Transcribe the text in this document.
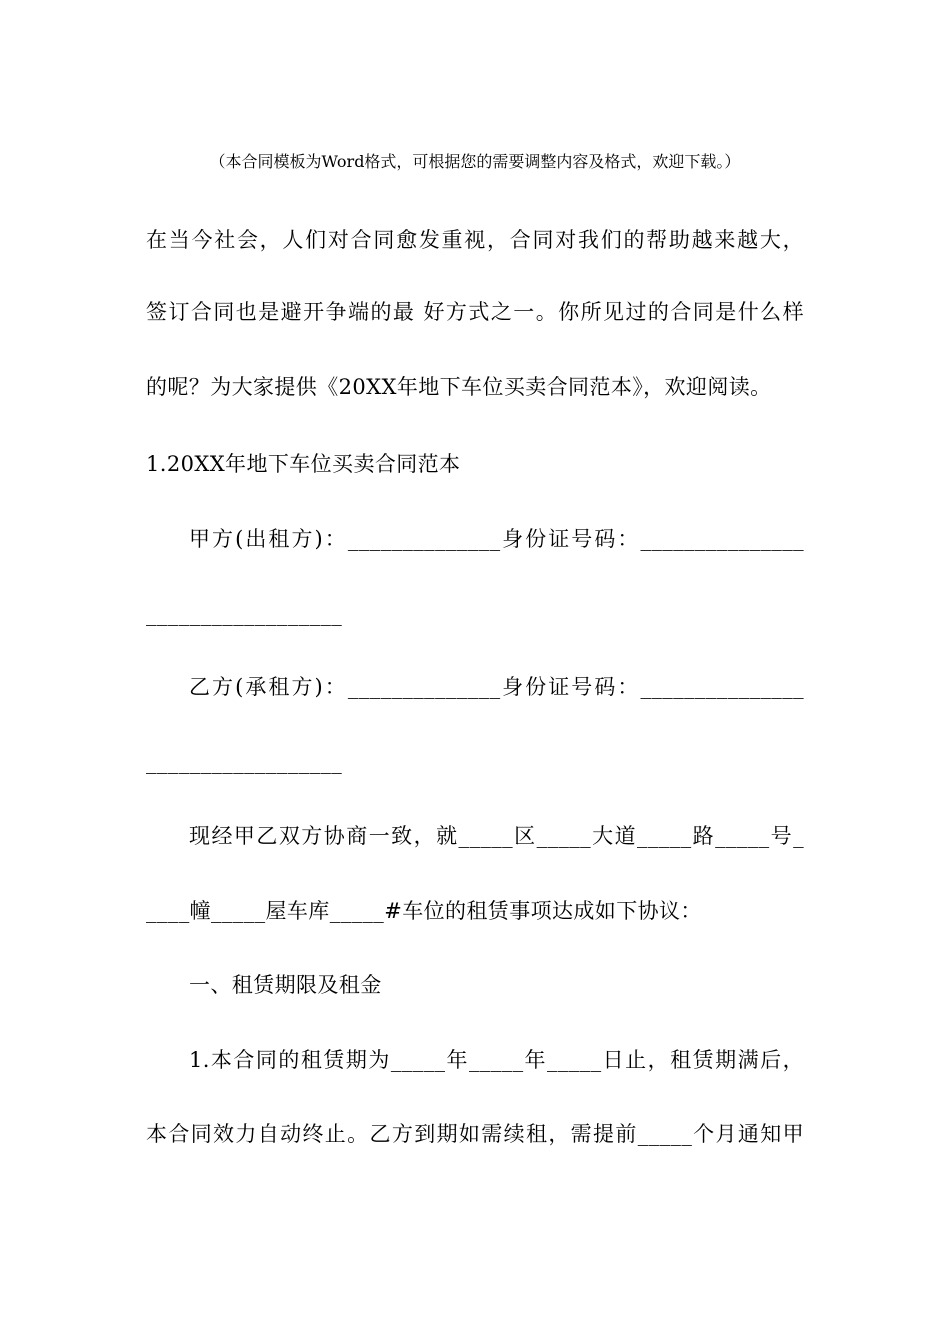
（本合同模板为Word格式，可根据您的需要调整内容及格式，欢迎下载。）
在当今社会，人们对合同愈发重视，合同对我们的帮助越来越大，
签订合同也是避开争端的最 好方式之一。你所见过的合同是什么样
的呢？为大家提供《20XX年地下车位买卖合同范本》，欢迎阅读。
1.20XX年地下车位买卖合同范本
甲方(出租方)：______________身份证号码：_______________
__________________
乙方(承租方)：______________身份证号码：_______________
__________________
现经甲乙双方协商一致，就_____区_____大道_____路_____号_
____幢_____屋车库_____#车位的租赁事项达成如下协议：
一、租赁期限及租金
1.本合同的租赁期为_____年_____年_____日止，租赁期满后，
本合同效力自动终止。乙方到期如需续租，需提前_____个月通知甲
